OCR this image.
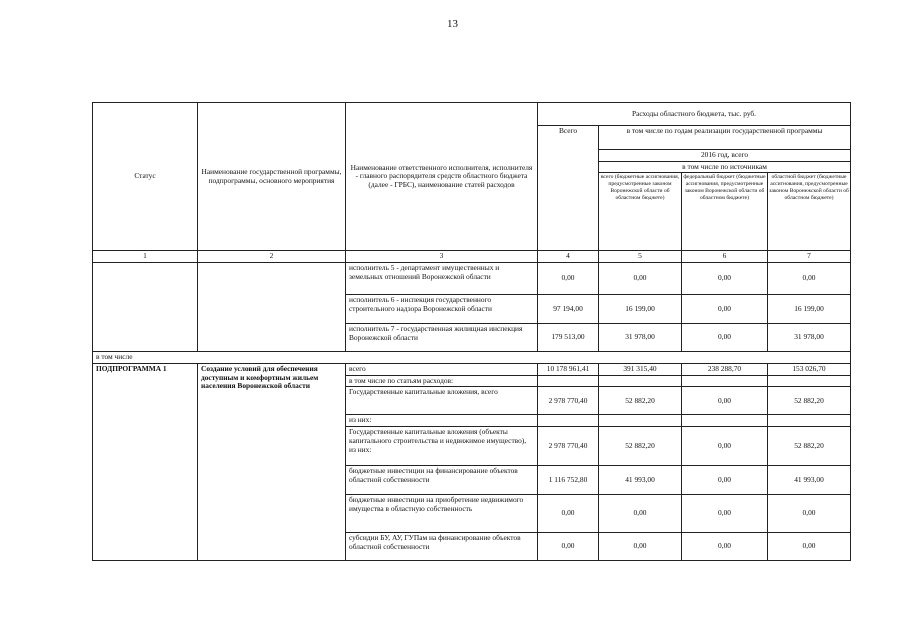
13
Статус	Наименование государственной программы, подпрограммы, основного мероприятия	Наименование ответственного исполнителя, исполнителя - главного распорядителя средств областного бюджета (далее - ГРБС), наименование статей расходов	Расходы областного бюджета, тыс. руб.			
			Всего	в том числе по годам реализации государственной программы		
				2016 год, всего		
				в том числе по источникам		
				всего (бюджетные ассигнования, предусмотренные законом Воронежской области об областном бюджете)	федеральный бюджет (бюджетные ассигнования, предусмотренные законом Воронежской области об областном бюджете)	областной бюджет (бюджетные ассигнования, предусмотренные законом Воронежской области об областном бюджете)
1	2	3	4	5	6	7
		исполнитель 5 - департамент имущественных и земельных отношений Воронежской области	0,00	0,00	0,00	0,00
		исполнитель 6 - инспекция государственного строительного надзора Воронежской области	97 194,00	16 199,00	0,00	16 199,00
		исполнитель 7 - государственная жилищная инспекция Воронежской области	179 513,00	31 978,00	0,00	31 978,00
в том числе						
ПОДПРОГРАММА 1	Создание условий для обеспечения доступным и комфортным жильем населения Воронежской области	всего	10 178 961,41	391 315,40	238 288,70	153 026,70
		в том числе по статьям расходов:				
		Государственные капитальные вложения, всего	2 978 770,40	52 882,20	0,00	52 882,20
		из них:				
		Государственные капитальные вложения (объекты капитального строительства и недвижимое имущество), из них:	2 978 770,40	52 882,20	0,00	52 882,20
		бюджетные инвестиции на финансирование объектов областной собственности	1 116 752,80	41 993,00	0,00	41 993,00
		бюджетные инвестиции на приобретение недвижимого имущества в областную собственность	0,00	0,00	0,00	0,00
		субсидии БУ, АУ, ГУПам на финансирование объектов областной собственности	0,00	0,00	0,00	0,00
